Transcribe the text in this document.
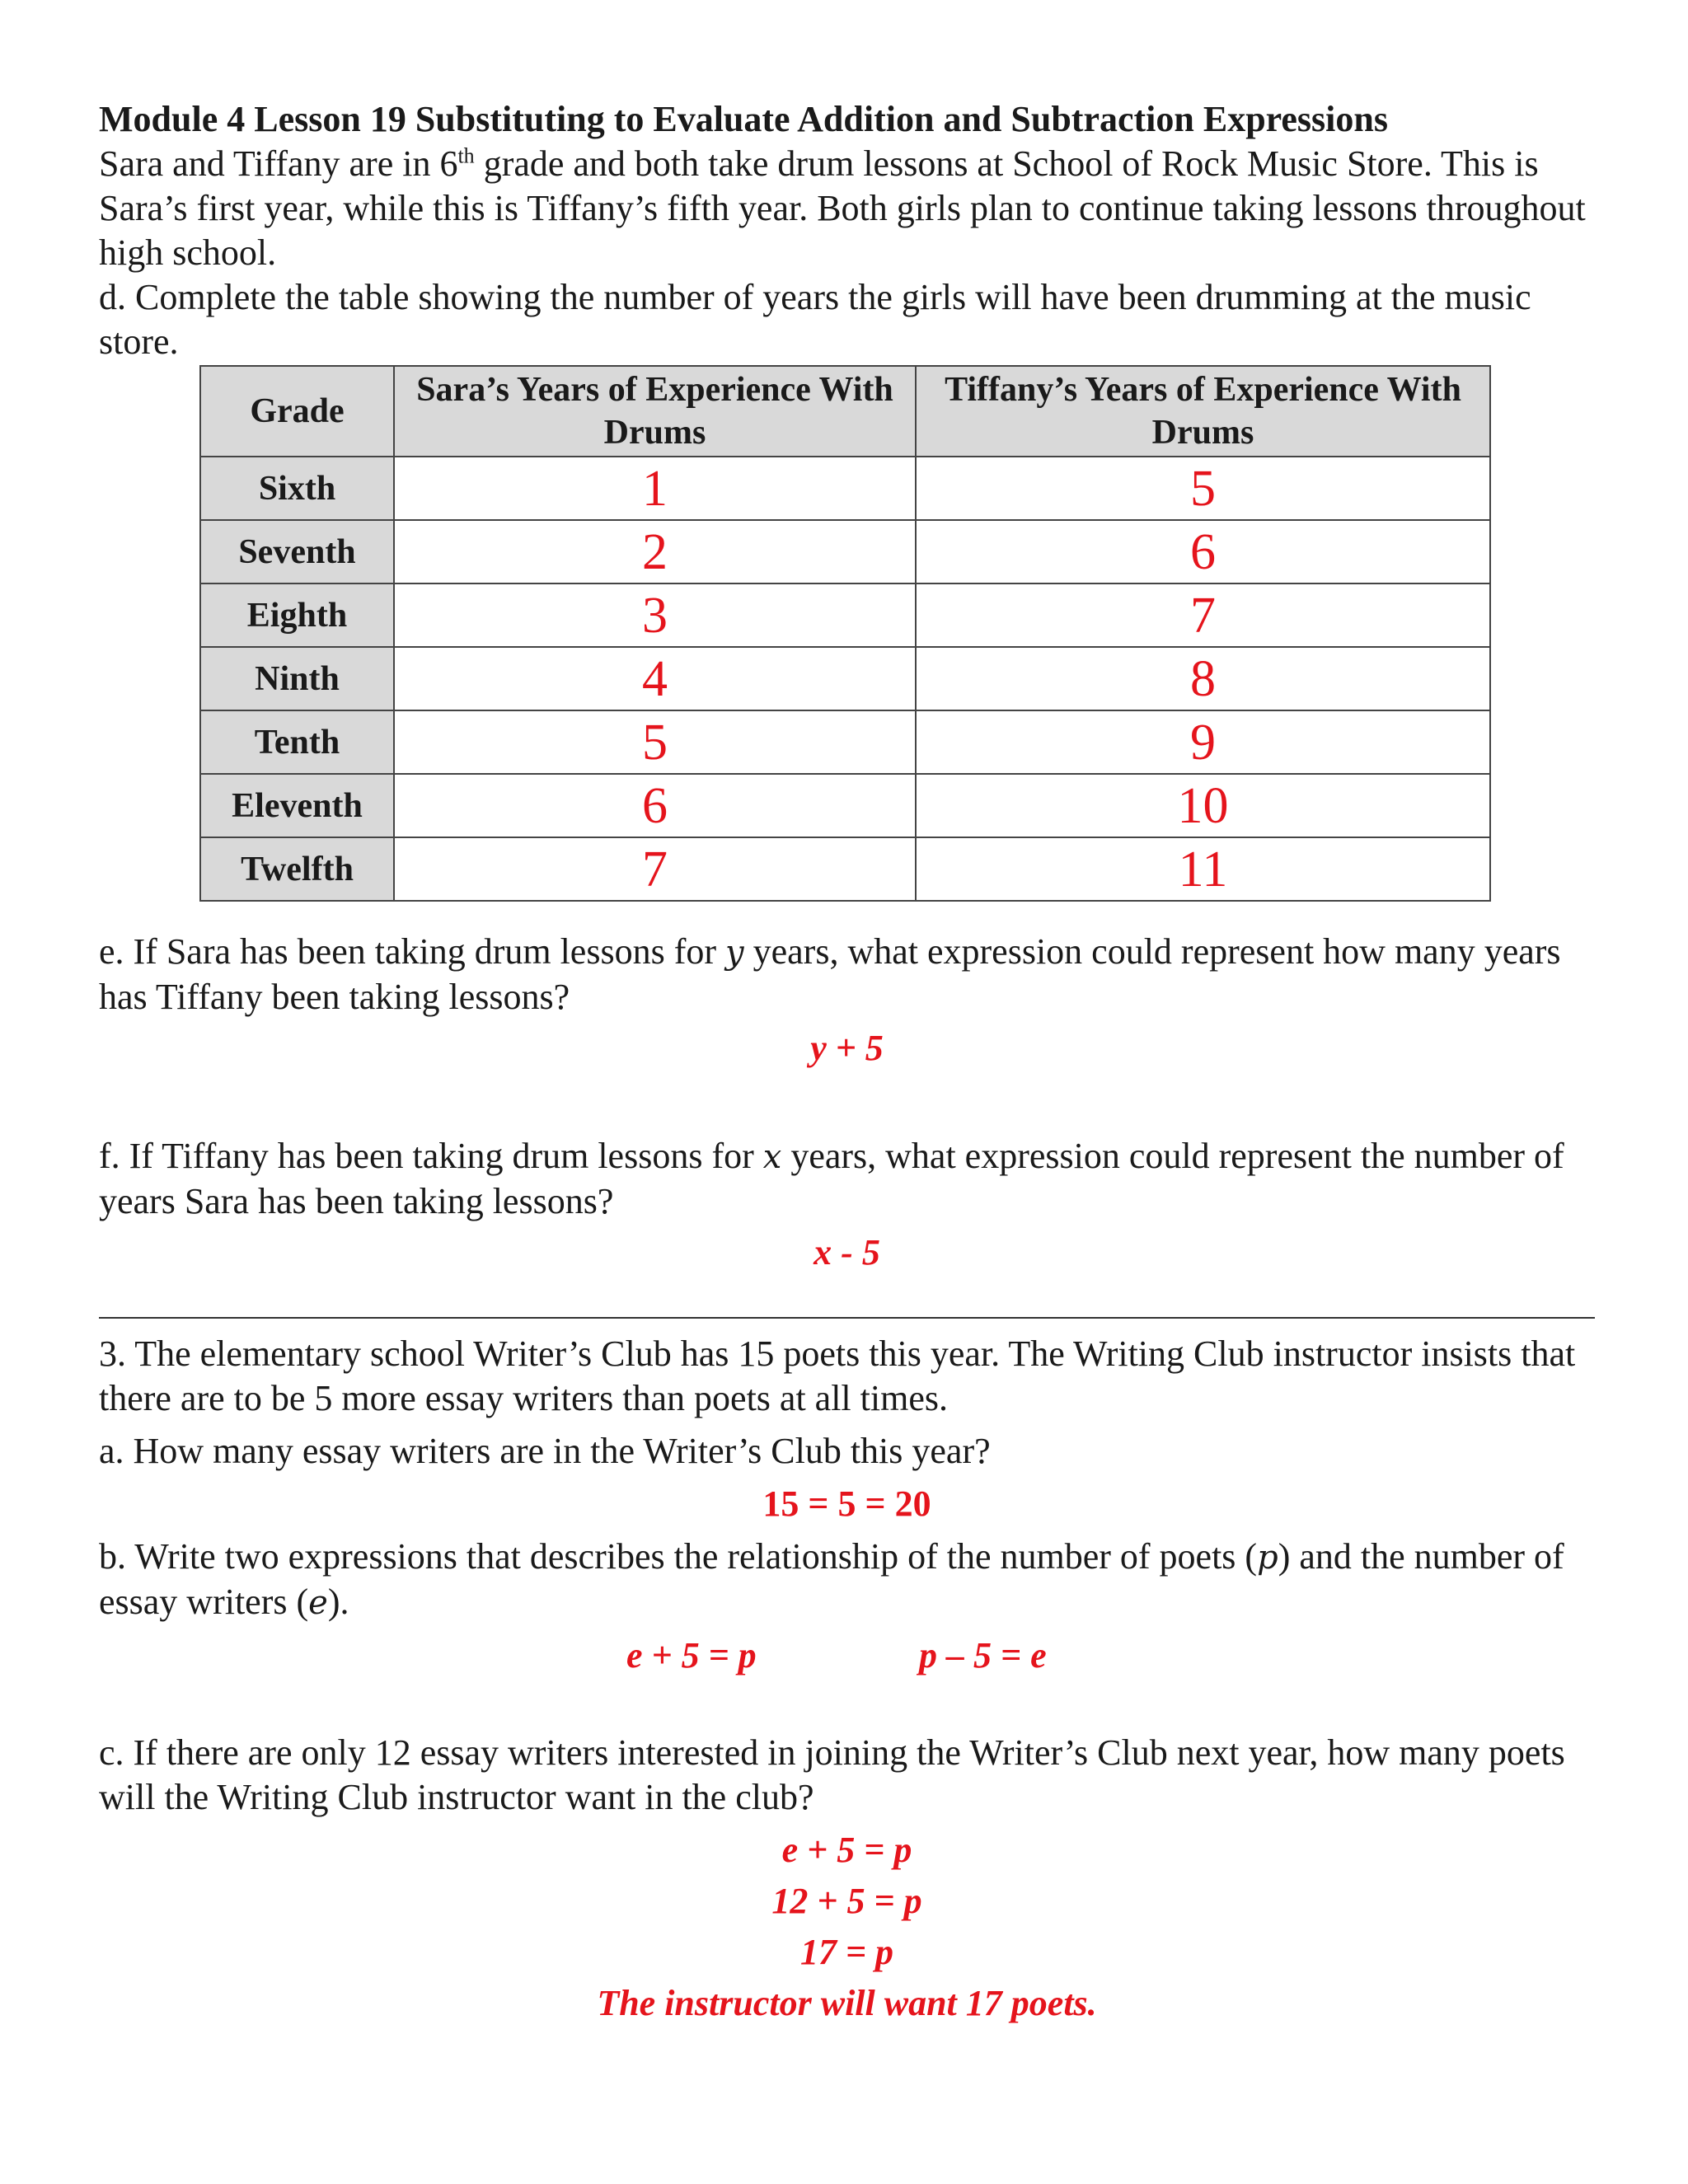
Module 4 Lesson 19 Substituting to Evaluate Addition and Subtraction Expressions

Sara and Tiffany are in 6th grade and both take drum lessons at School of Rock Music Store. This is Sara’s first year, while this is Tiffany’s fifth year. Both girls plan to continue taking lessons throughout high school.

d. Complete the table showing the number of years the girls will have been drumming at the music store.

Grade	Sara’s Years of Experience With Drums	Tiffany’s Years of Experience With Drums
Sixth	1	5
Seventh	2	6
Eighth	3	7
Ninth	4	8
Tenth	5	9
Eleventh	6	10
Twelfth	7	11

e. If Sara has been taking drum lessons for y years, what expression could represent how many years has Tiffany been taking lessons?

y + 5

f. If Tiffany has been taking drum lessons for x years, what expression could represent the number of years Sara has been taking lessons?

x - 5

3. The elementary school Writer’s Club has 15 poets this year. The Writing Club instructor insists that there are to be 5 more essay writers than poets at all times.

a. How many essay writers are in the Writer’s Club this year?

15 = 5 = 20

b. Write two expressions that describes the relationship of the number of poets (p) and the number of essay writers (e).

e + 5 = p	p – 5 = e

c. If there are only 12 essay writers interested in joining the Writer’s Club next year, how many poets will the Writing Club instructor want in the club?

e + 5 = p

12 + 5 = p

17 = p

The instructor will want 17 poets.
